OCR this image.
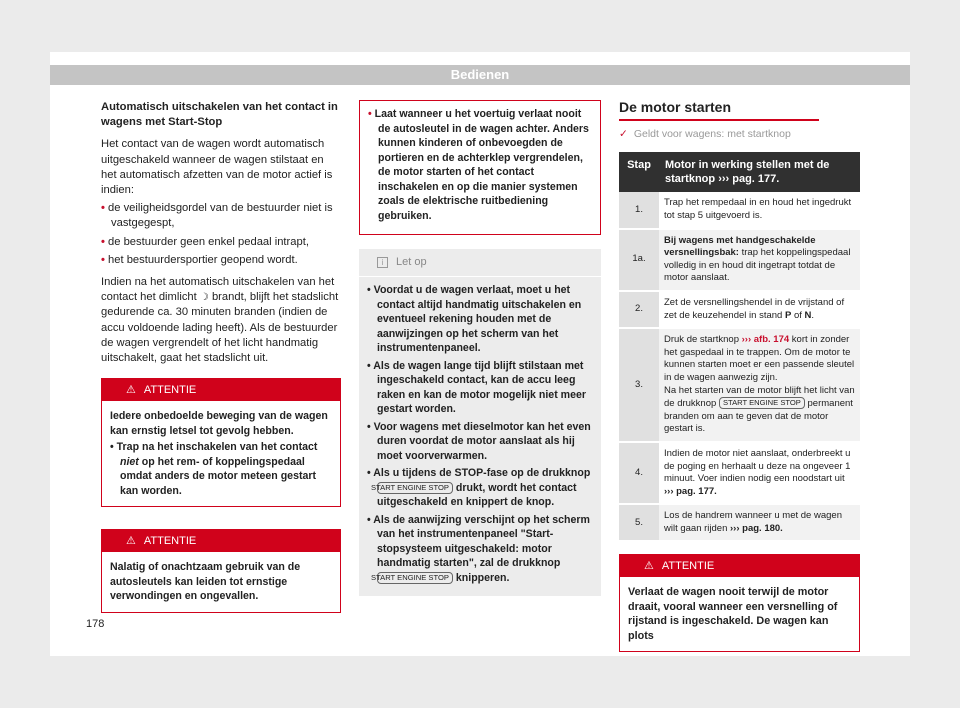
Bedienen

Automatisch uitschakelen van het contact in wagens met Start-Stop

Het contact van de wagen wordt automatisch uitgeschakeld wanneer de wagen stilstaat en het automatisch afzetten van de motor actief is indien:

• de veiligheidsgordel van de bestuurder niet is vastgegespt,
• de bestuurder geen enkel pedaal intrapt,
• het bestuurdersportier geopend wordt.

Indien na het automatisch uitschakelen van het contact het dimlicht ☽ brandt, blijft het stadslicht gedurende ca. 30 minuten branden (indien de accu voldoende lading heeft). Als de bestuurder de wagen vergrendelt of het licht handmatig uitschakelt, gaat het stadslicht uit.

⚠ ATTENTIE
Iedere onbedoelde beweging van de wagen kan ernstig letsel tot gevolg hebben.
• Trap na het inschakelen van het contact niet op het rem- of koppelingspedaal omdat anders de motor meteen gestart kan worden.
⚠ ATTENTIE
Nalatig of onachtzaam gebruik van de autosleutels kan leiden tot ernstige verwondingen en ongevallen.
• Laat wanneer u het voertuig verlaat nooit de autosleutel in de wagen achter. Anders kunnen kinderen of onbevoegden de portieren en de achterklep vergrendelen, de motor starten of het contact inschakelen en op die manier systemen zoals de elektrische ruitbediening gebruiken.
i Let op
• Voordat u de wagen verlaat, moet u het contact altijd handmatig uitschakelen en eventueel rekening houden met de aanwijzingen op het scherm van het instrumentenpaneel.
• Als de wagen lange tijd blijft stilstaan met ingeschakeld contact, kan de accu leeg raken en kan de motor mogelijk niet meer gestart worden.
• Voor wagens met dieselmotor kan het even duren voordat de motor aanslaat als hij moet voorverwarmen.
• Als u tijdens de STOP-fase op de drukknop START ENGINE STOP drukt, wordt het contact uitgeschakeld en knippert de knop.
• Als de aanwijzing verschijnt op het scherm van het instrumentenpaneel "Start-stopsysteem uitgeschakeld: motor handmatig starten", zal de drukknop START ENGINE STOP knipperen.
De motor starten
✓ Geldt voor wagens: met startknop
Stap	Motor in werking stellen met de startknop ››› pag. 177.
1.	Trap het rempedaal in en houd het ingedrukt tot stap 5 uitgevoerd is.
1a.	Bij wagens met handgeschakelde versnellingsbak: trap het koppelingspedaal volledig in en houd dit ingetrapt totdat de motor aanslaat.
2.	Zet de versnellingshendel in de vrijstand of zet de keuzehendel in stand P of N.
3.	Druk de startknop ››› afb. 174 kort in zonder het gaspedaal in te trappen. Om de motor te kunnen starten moet er een passende sleutel in de wagen aanwezig zijn.
Na het starten van de motor blijft het licht van de drukknop START ENGINE STOP permanent branden om aan te geven dat de motor gestart is.
4.	Indien de motor niet aanslaat, onderbreekt u de poging en herhaalt u deze na ongeveer 1 minuut. Voer indien nodig een noodstart uit ››› pag. 177.
5.	Los de handrem wanneer u met de wagen wilt gaan rijden ››› pag. 180.
⚠ ATTENTIE
Verlaat de wagen nooit terwijl de motor draait, vooral wanneer een versnelling of rijstand is ingeschakeld. De wagen kan plots
178
